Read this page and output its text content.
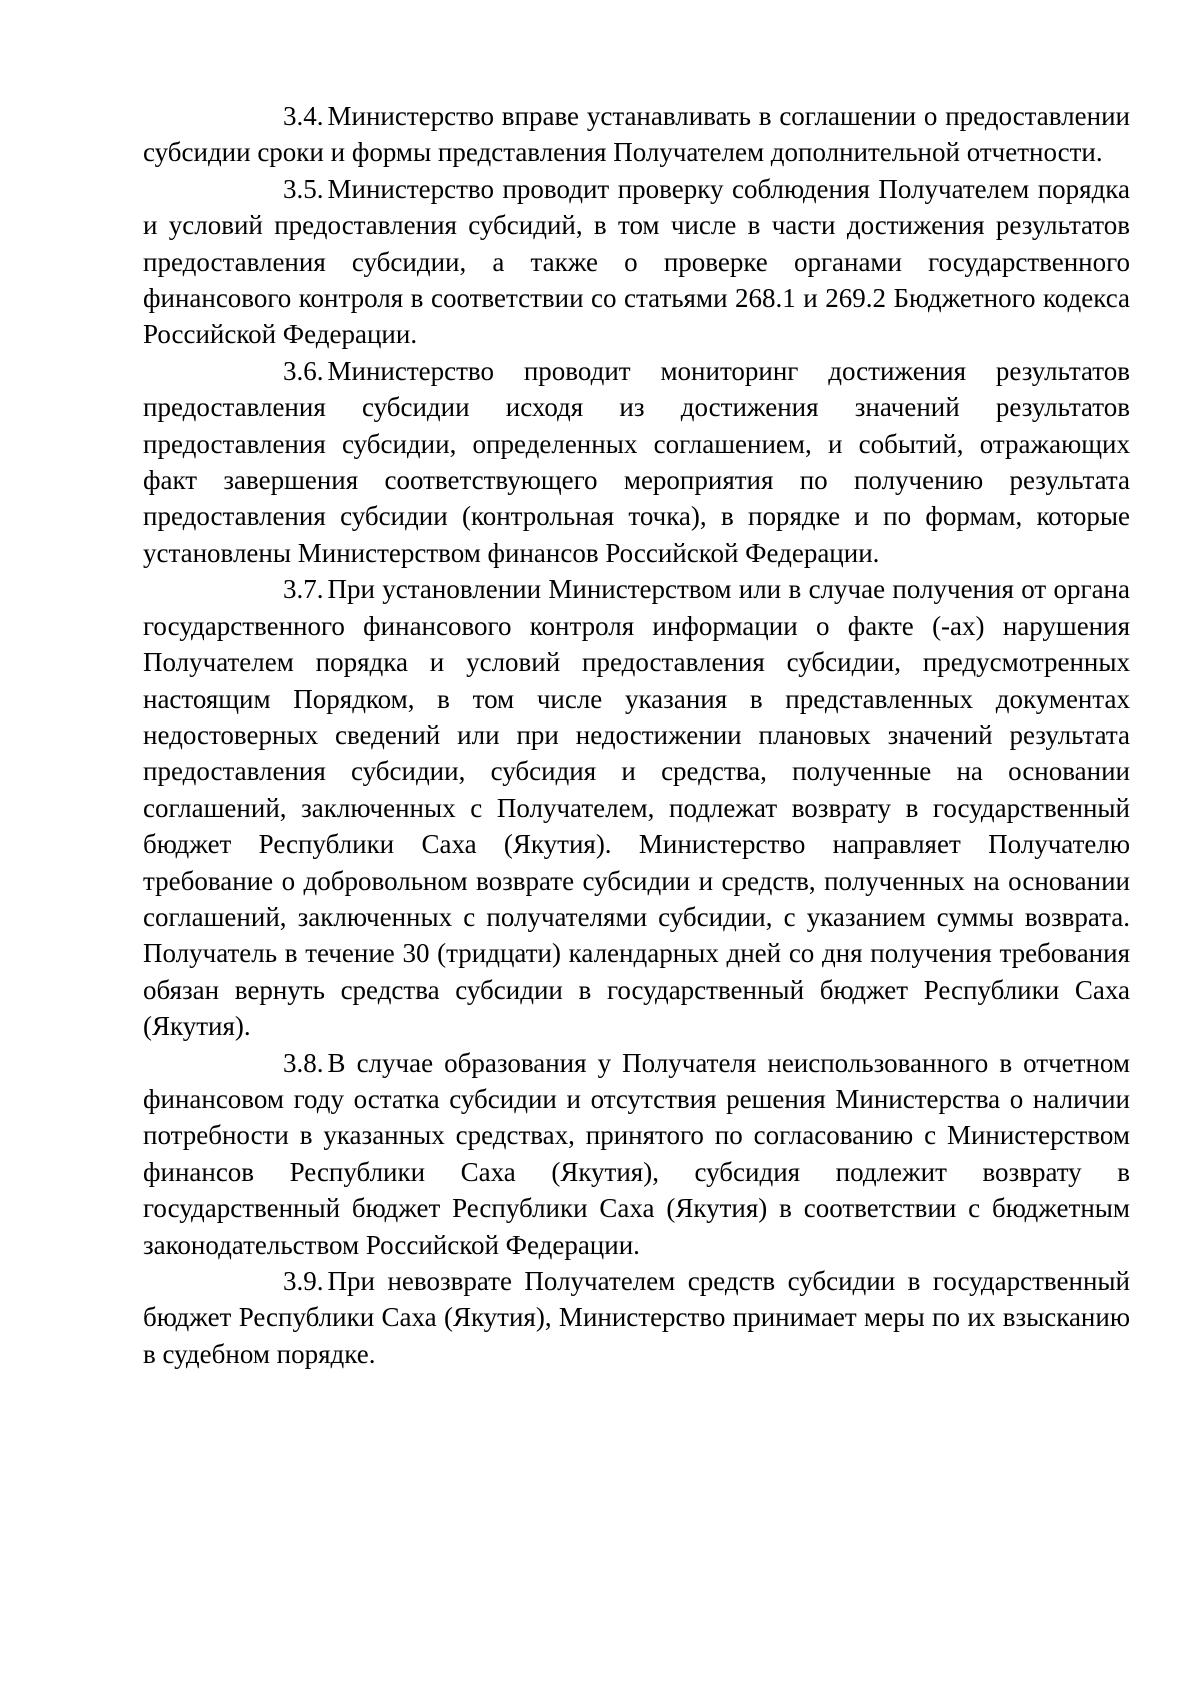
3.4. Министерство вправе устанавливать в соглашении о предоставлении субсидии сроки и формы представления Получателем дополнительной отчетности.

3.5. Министерство проводит проверку соблюдения Получателем порядка и условий предоставления субсидий, в том числе в части достижения результатов предоставления субсидии, а также о проверке органами государственного финансового контроля в соответствии со статьями 268.1 и 269.2 Бюджетного кодекса Российской Федерации.

3.6. Министерство проводит мониторинг достижения результатов предоставления субсидии исходя из достижения значений результатов предоставления субсидии, определенных соглашением, и событий, отражающих факт завершения соответствующего мероприятия по получению результата предоставления субсидии (контрольная точка), в порядке и по формам, которые установлены Министерством финансов Российской Федерации.

3.7. При установлении Министерством или в случае получения от органа государственного финансового контроля информации о факте (-ах) нарушения Получателем порядка и условий предоставления субсидии, предусмотренных настоящим Порядком, в том числе указания в представленных документах недостоверных сведений или при недостижении плановых значений результата предоставления субсидии, субсидия и средства, полученные на основании соглашений, заключенных с Получателем, подлежат возврату в государственный бюджет Республики Саха (Якутия). Министерство направляет Получателю требование о добровольном возврате субсидии и средств, полученных на основании соглашений, заключенных с получателями субсидии, с указанием суммы возврата. Получатель в течение 30 (тридцати) календарных дней со дня получения требования обязан вернуть средства субсидии в государственный бюджет Республики Саха (Якутия).

3.8. В случае образования у Получателя неиспользованного в отчетном финансовом году остатка субсидии и отсутствия решения Министерства о наличии потребности в указанных средствах, принятого по согласованию с Министерством финансов Республики Саха (Якутия), субсидия подлежит возврату в государственный бюджет Республики Саха (Якутия) в соответствии с бюджетным законодательством Российской Федерации.

3.9. При невозврате Получателем средств субсидии в государственный бюджет Республики Саха (Якутия), Министерство принимает меры по их взысканию в судебном порядке.
